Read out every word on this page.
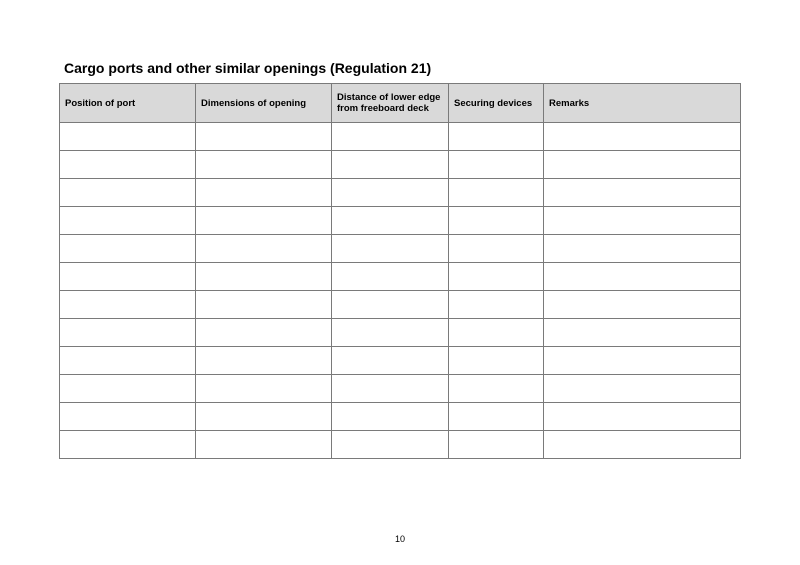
Cargo ports and other similar openings (Regulation 21)
Position of port	Dimensions of opening	Distance of lower edge from freeboard deck	Securing devices	Remarks

10
